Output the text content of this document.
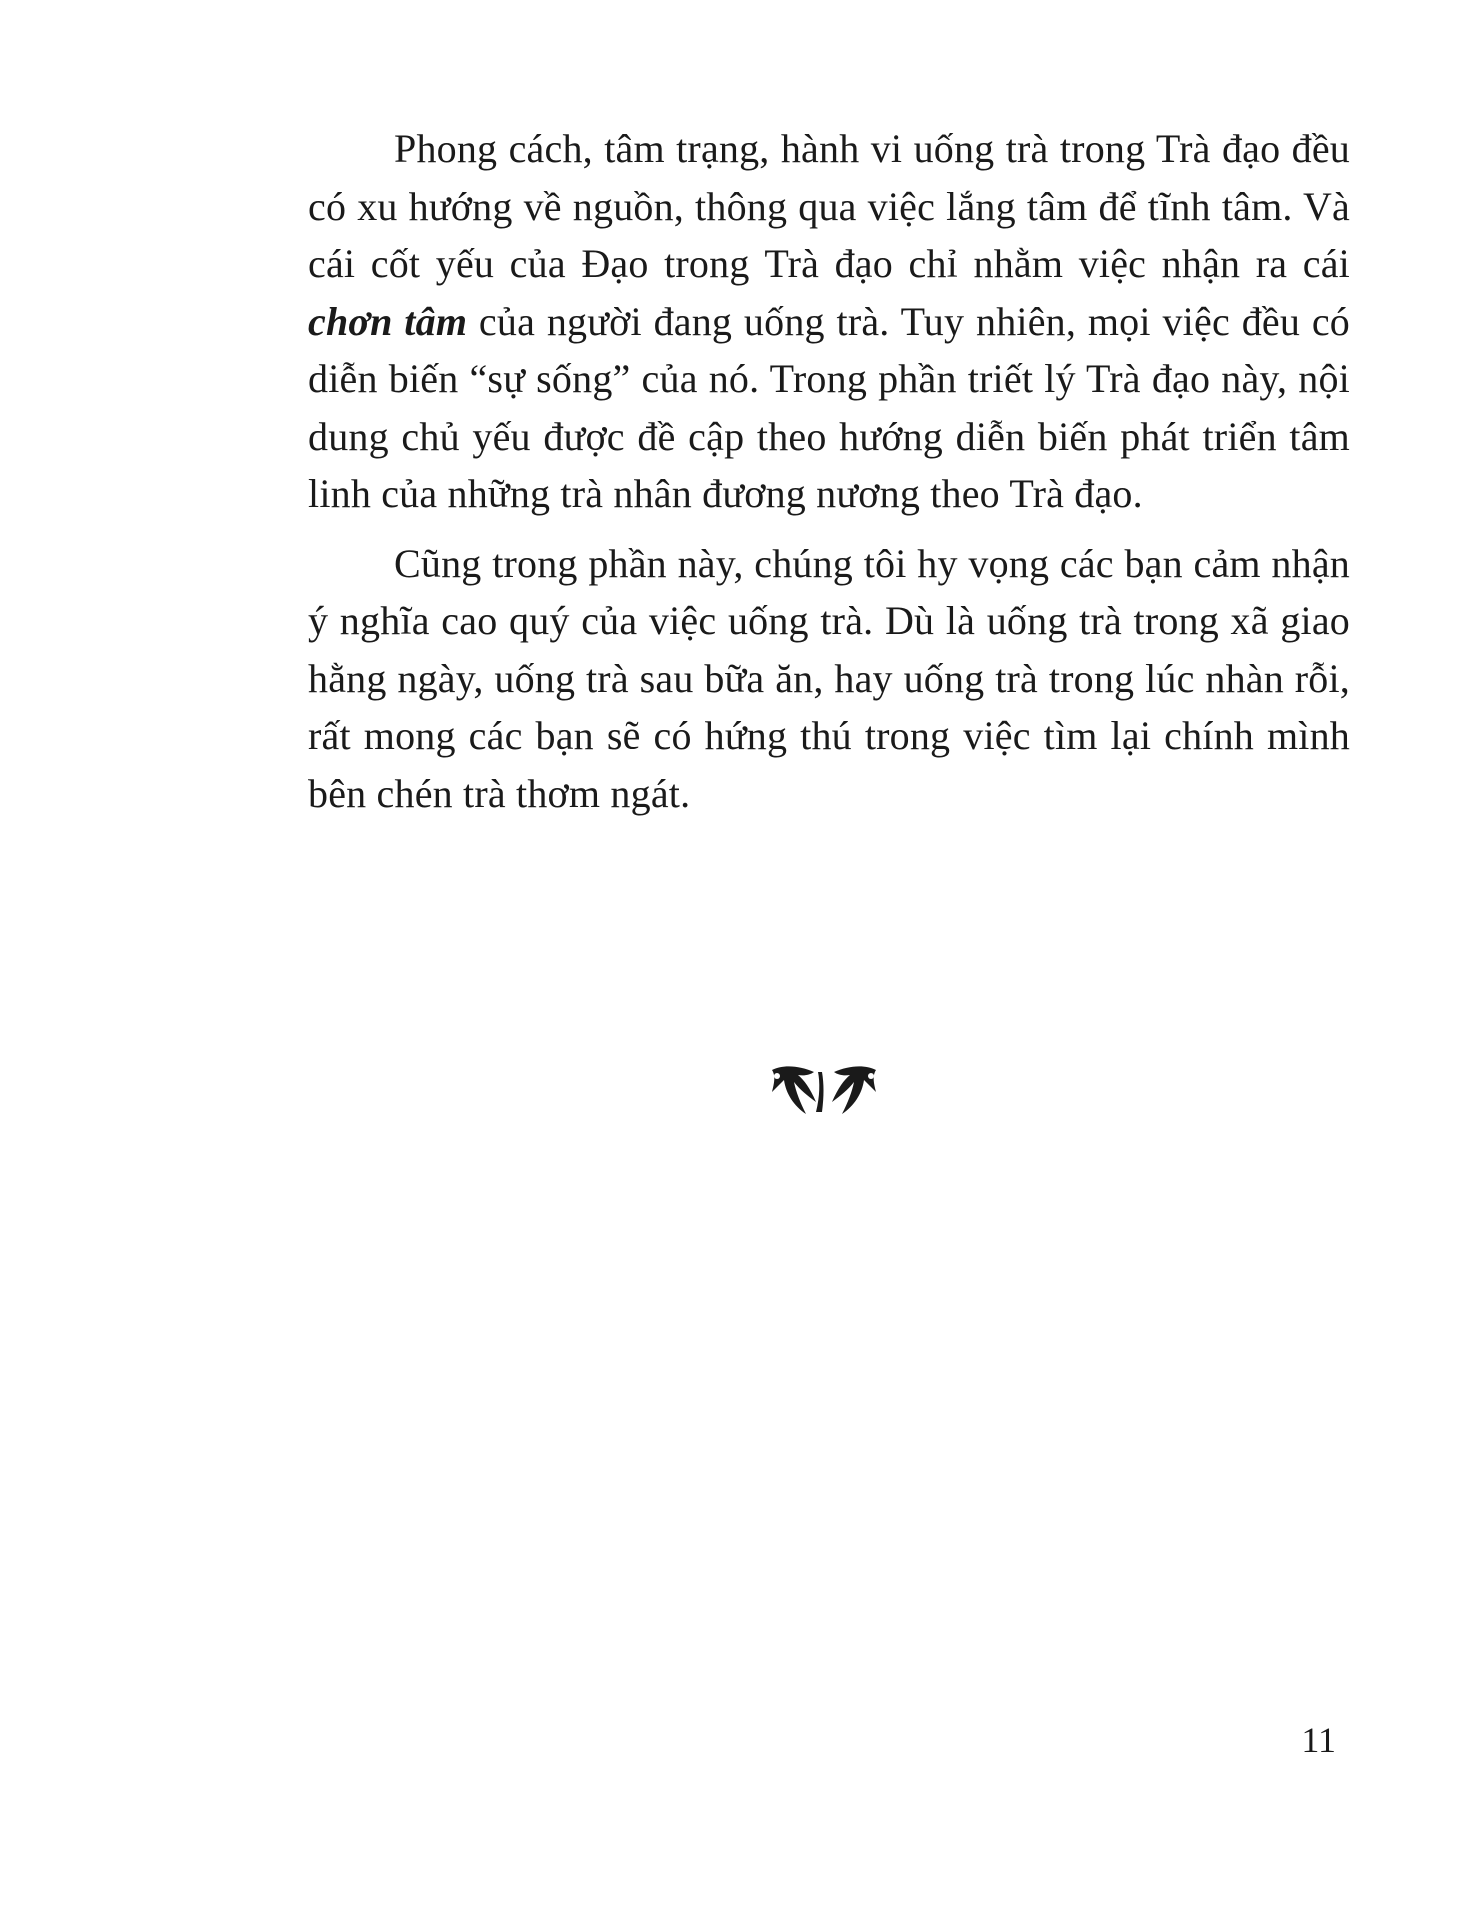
Phong cách, tâm trạng, hành vi uống trà trong Trà đạo đều có xu hướng về nguồn, thông qua việc lắng tâm để tĩnh tâm. Và cái cốt yếu của Đạo trong Trà đạo chỉ nhằm việc nhận ra cái chơn tâm của người đang uống trà. Tuy nhiên, mọi việc đều có diễn biến “sự sống” của nó. Trong phần triết lý Trà đạo này, nội dung chủ yếu được đề cập theo hướng diễn biến phát triển tâm linh của những trà nhân đương nương theo Trà đạo.

Cũng trong phần này, chúng tôi hy vọng các bạn cảm nhận ý nghĩa cao quý của việc uống trà. Dù là uống trà trong xã giao hằng ngày, uống trà sau bữa ăn, hay uống trà trong lúc nhàn rỗi, rất mong các bạn sẽ có hứng thú trong việc tìm lại chính mình bên chén trà thơm ngát.

11
